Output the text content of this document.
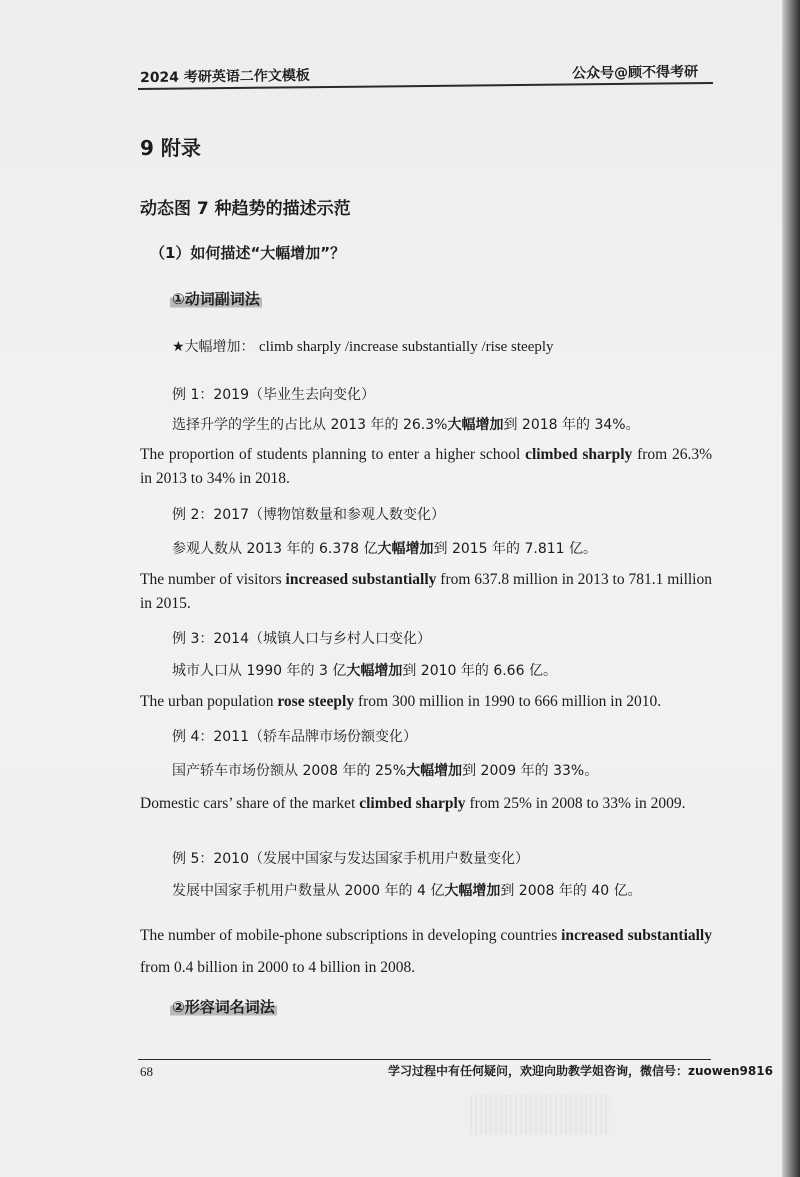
2024 考研英语二作文模板	公众号@顾不得考研
9 附录
动态图 7 种趋势的描述示范
（1）如何描述“大幅增加”？
①动词副词法
★大幅增加： climb sharply /increase substantially /rise steeply
例 1：2019（毕业生去向变化）
选择升学的学生的占比从 2013 年的 26.3%大幅增加到 2018 年的 34%。
The proportion of students planning to enter a higher school climbed sharply from 26.3% in 2013 to 34% in 2018.
例 2：2017（博物馆数量和参观人数变化）
参观人数从 2013 年的 6.378 亿大幅增加到 2015 年的 7.811 亿。
The number of visitors increased substantially from 637.8 million in 2013 to 781.1 million in 2015.
例 3：2014（城镇人口与乡村人口变化）
城市人口从 1990 年的 3 亿大幅增加到 2010 年的 6.66 亿。
The urban population rose steeply from 300 million in 1990 to 666 million in 2010.
例 4：2011（轿车品牌市场份额变化）
国产轿车市场份额从 2008 年的 25%大幅增加到 2009 年的 33%。
Domestic cars’ share of the market climbed sharply from 25% in 2008 to 33% in 2009.
例 5：2010（发展中国家与发达国家手机用户数量变化）
发展中国家手机用户数量从 2000 年的 4 亿大幅增加到 2008 年的 40 亿。
The number of mobile-phone subscriptions in developing countries increased substantially from 0.4 billion in 2000 to 4 billion in 2008.
②形容词名词法
68	学习过程中有任何疑问，欢迎向助教学姐咨询，微信号：zuowen9816
